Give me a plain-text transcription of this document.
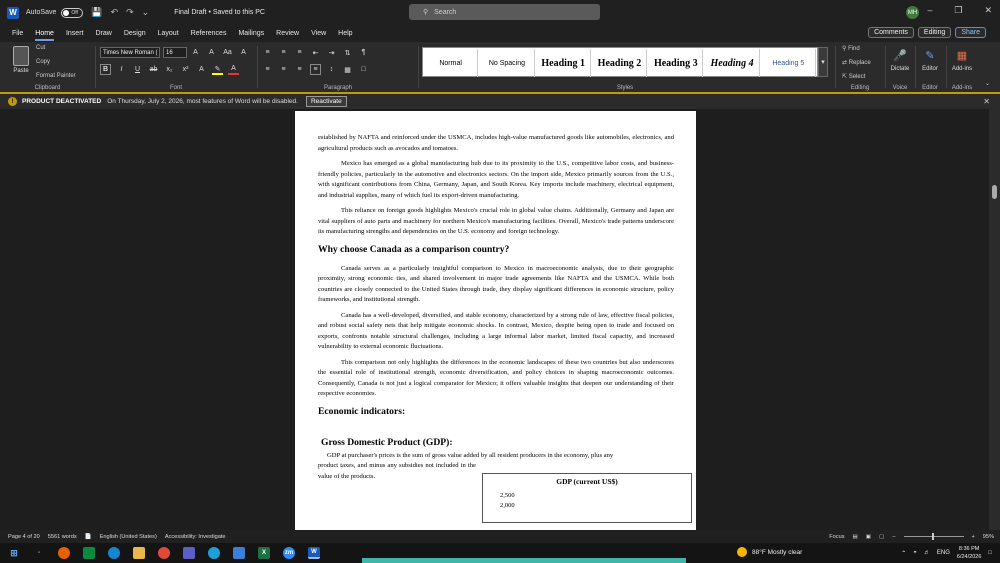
W	AutoSave	Off 💾 ↶ ↷ ⌄	Final Draft • Saved to this PC	⚲ Search	MH – ❐ ✕
File Home Insert Draw Design Layout References Mailings Review View Help	Comments	Editing	Share
Paste
Cut
Copy
Format Painter
Clipboard
Times New Roman (	16	A	A	Aa	A
B	I	U	ab	x₂	x²	A	✎	A
Font
≡	≡	≡	⇤	⇥	⇅	¶
≡	≡	≡	≡	↕	▦	□
Paragraph
Normal	No Spacing	Heading 1	Heading 2	Heading 3	Heading 4	Heading 5	▾
Styles
⚲ Find
⇄ Replace
⇱ Select
Editing
🎤
Dictate
Voice
✎
Editor
Editor
▦
Add-ins
Add-ins
⌄
!	PRODUCT DEACTIVATED On Thursday, July 2, 2026, most features of Word will be disabled.	Reactivate	✕

established by NAFTA and reinforced under the USMCA, includes high-value manufactured goods like automobiles, electronics, and agricultural products such as avocados and tomatoes.

Mexico has emerged as a global manufacturing hub due to its proximity to the U.S., competitive labor costs, and business-friendly policies, particularly in the automotive and electronics sectors. On the import side, Mexico primarily sources from the U.S., with significant contributions from China, Germany, Japan, and South Korea. Key imports include machinery, electrical equipment, and industrial supplies, many of which fuel its export-driven manufacturing.

This reliance on foreign goods highlights Mexico's crucial role in global value chains. Additionally, Germany and Japan are vital suppliers of auto parts and machinery for northern Mexico's manufacturing facilities. Overall, Mexico's trade patterns underscore its manufacturing strengths and dependencies on the U.S. economy and foreign technology.

Why choose Canada as a comparison country?

Canada serves as a particularly insightful comparison to Mexico in macroeconomic analysis, due to their geographic proximity, strong economic ties, and shared involvement in major trade agreements like NAFTA and the USMCA. While both countries are closely connected to the United States through trade, they display significant differences in economic structure, policy frameworks, and institutional strength.

Canada has a well-developed, diversified, and stable economy, characterized by a strong rule of law, effective fiscal policies, and robust social safety nets that help mitigate economic shocks. In contrast, Mexico, despite being open to trade and focused on exports, confronts notable structural challenges, including a large informal labor market, limited fiscal capacity, and increased vulnerability to external economic fluctuations.

This comparison not only highlights the differences in the economic landscapes of these two countries but also underscores the essential role of institutional strength, economic diversification, and policy choices in shaping macroeconomic outcomes. Consequently, Canada is not just a logical comparator for Mexico; it offers valuable insights that deepen our understanding of their respective economies.

Economic indicators:
Gross Domestic Product (GDP):

GDP at purchaser's prices is the sum of gross value added by all resident producers in the economy, plus any

product taxes, and minus any subsidies not included in the value of the products.

GDP (current US$)
2,500
2,000
Page 4 of 20 5561 words 📄 English (United States) Accessibility: Investigate	Focus ▤ ▣ ▢ –	+ 95%
⊞	▫	X	zm	W	88°F Mostly clear	⌃ ◓ ♬ ENG
8:36 PM
6/24/2026
□
